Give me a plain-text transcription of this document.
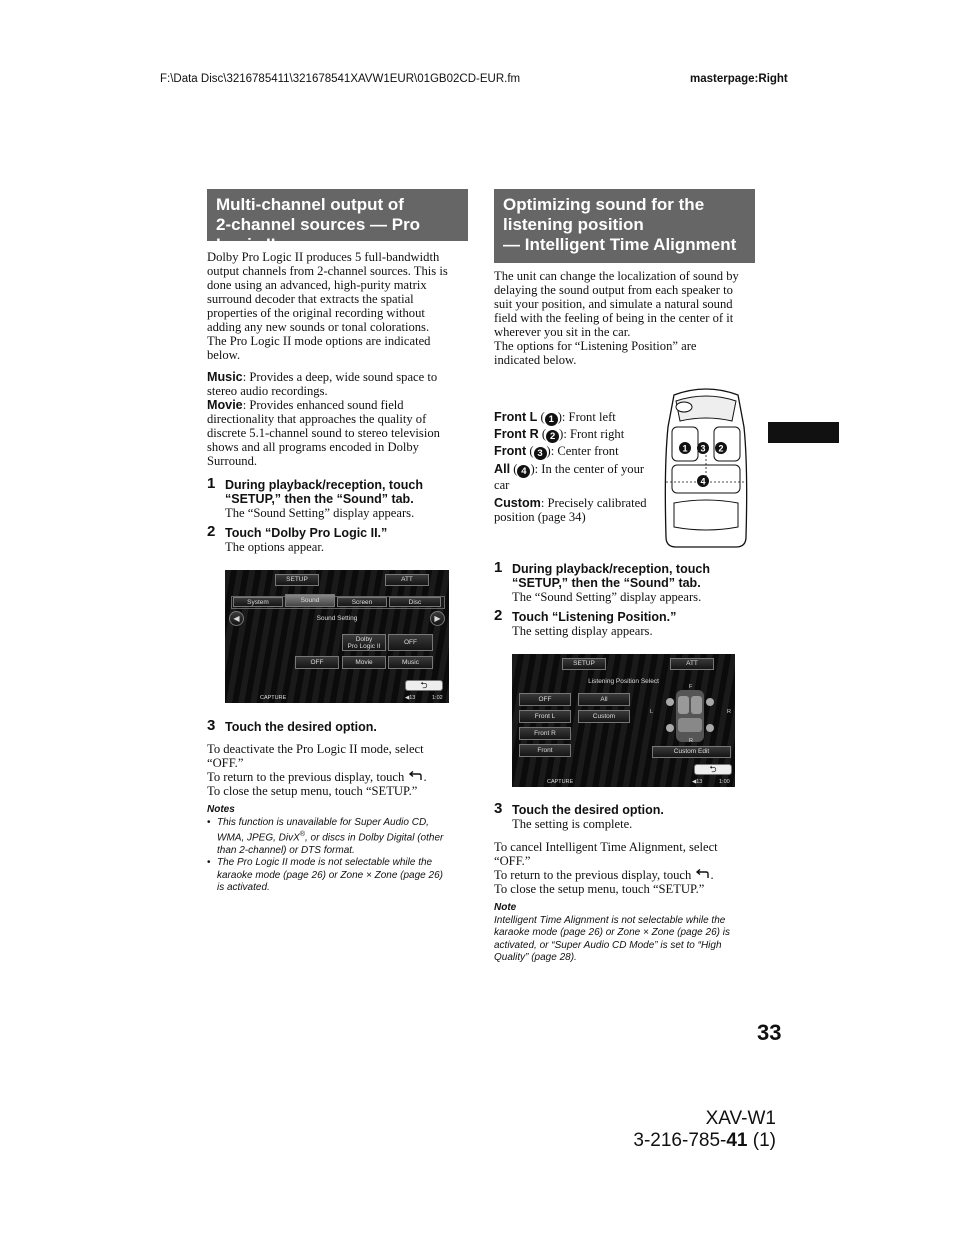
F:\Data Disc\3216785411\321678541XAVW1EUR\01GB02CD-EUR.fm	masterpage:Right
Multi-channel output of
2-channel sources — Pro Logic II

Dolby Pro Logic II produces 5 full-bandwidth

output channels from 2-channel sources. This is

done using an advanced, high-purity matrix

surround decoder that extracts the spatial

properties of the original recording without

adding any new sounds or tonal colorations.

The Pro Logic II mode options are indicated

below.

Music: Provides a deep, wide sound space to

stereo audio recordings.

Movie: Provides enhanced sound field

directionality that approaches the quality of

discrete 5.1-channel sound to stereo television

shows and all programs encoded in Dolby

Surround.

1 During playback/reception, touch
“SETUP,” then the “Sound” tab.
The “Sound Setting” display appears.
2 Touch “Dolby Pro Logic II.”
The options appear.
SETUP	ATT
System	Sound	Screen	Disc
◀	▶
Sound Setting
Dolby
Pro Logic II
OFF
OFF	Movie	Music
⮌
CAPTURE	◀13	1:02
3 Touch the desired option.

To deactivate the Pro Logic II mode, select

“OFF.”

To return to the previous display, touch .

To close the setup menu, touch “SETUP.”

Notes
• This function is unavailable for Super Audio CD,
WMA, JPEG, DivX®, or discs in Dolby Digital (other
than 2-channel) or DTS format.
• The Pro Logic II mode is not selectable while the
karaoke mode (page 26) or Zone × Zone (page 26)
is activated.
Optimizing sound for the
listening position
— Intelligent Time Alignment

The unit can change the localization of sound by

delaying the sound output from each speaker to

suit your position, and simulate a natural sound

field with the feeling of being in the center of it

wherever you sit in the car.

The options for “Listening Position” are

indicated below.

Front L ( 1 ): Front left

Front R ( 2 ): Front right

Front ( 3 ): Center front

All ( 4 ): In the center of your

car

Custom: Precisely calibrated

position (page 34)

1 3 2
4
1 During playback/reception, touch
“SETUP,” then the “Sound” tab.
The “Sound Setting” display appears.
2 Touch “Listening Position.”
The setting display appears.
SETUP	ATT
Listening Position Select
OFF
Front L
Front R
Front
All
Custom
F
L	R
R
Custom Edit
⮌
CAPTURE	◀13	1:00
3 Touch the desired option.
The setting is complete.

To cancel Intelligent Time Alignment, select

“OFF.”

To return to the previous display, touch .

To close the setup menu, touch “SETUP.”

Note
Intelligent Time Alignment is not selectable while the
karaoke mode (page 26) or Zone × Zone (page 26) is
activated, or “Super Audio CD Mode” is set to “High
Quality” (page 28).
33
XAV-W1
3-216-785-41 (1)
